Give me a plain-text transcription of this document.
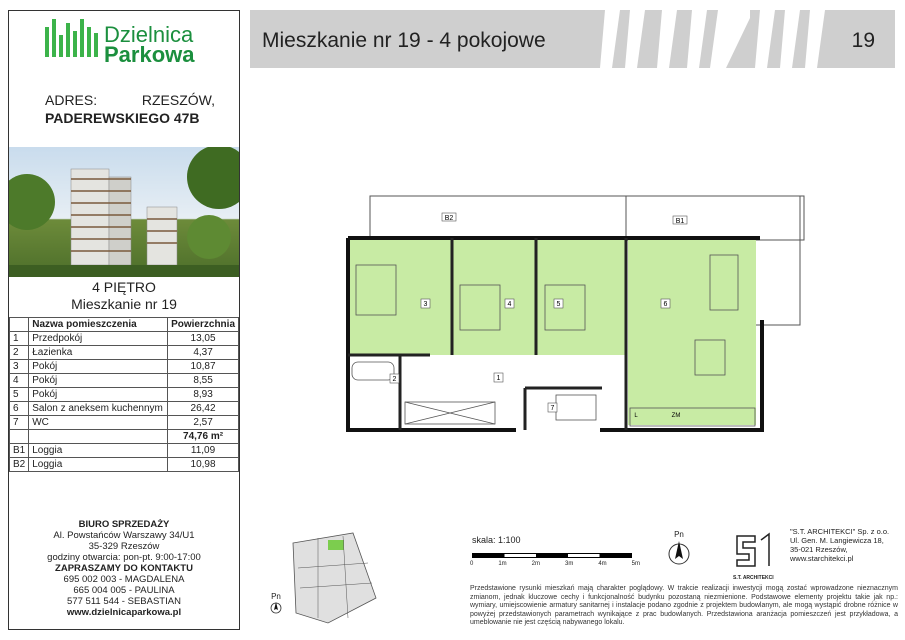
Dzielnica
Parkowa
ADRES:	RZESZÓW,
PADEREWSKIEGO 47B
4 PIĘTRO
Mieszkanie nr 19
	Nazwa pomieszczenia	Powierzchnia
1	Przedpokój	13,05
2	Łazienka	4,37
3	Pokój	10,87
4	Pokój	8,55
5	Pokój	8,93
6	Salon z aneksem kuchennym	26,42
7	WC	2,57
		74,76 m²
B1	Loggia	11,09
B2	Loggia	10,98
BIURO SPRZEDAŻY
Al. Powstańców Warszawy 34/U1
35-329 Rzeszów
godziny otwarcia: pon-pt. 9:00-17:00
ZAPRASZAMY DO KONTAKTU
695 002 003 - MAGDALENA
665 004 005 - PAULINA
577 511 544 - SEBASTIAN
www.dzielnicaparkowa.pl
Mieszkanie nr 19 - 4 pokojowe	19
B2	B1
3	4	5	6
1
2
7
L	ZM
Pn
skala: 1:100
0	1m	2m	3m	4m	5m
Pn
S.T. ARCHITEKCI
"S.T. ARCHITEKCI" Sp. z o.o.
Ul. Gen. M. Langiewicza 18,
35-021 Rzeszów,
www.starchitekci.pl
Przedstawione rysunki mieszkań mają charakter poglądowy. W trakcie realizacji inwestycji mogą zostać wprowadzone nieznacznym zmianom, jednak kluczowe cechy i funkcjonalność budynku pozostaną niezmienione. Podstawowe elementy projektu takie jak np.: wymiary, umiejscowienie armatury sanitarnej i instalacje podano zgodnie z projektem budowlanym, ale mogą wystąpić drobne różnice w powyżej przedstawionych parametrach wynikające z prac budowlanych. Przedstawiona aranżacja pomieszczeń jest przykładowa, a umeblowanie nie jest częścią nabywanego lokalu.
